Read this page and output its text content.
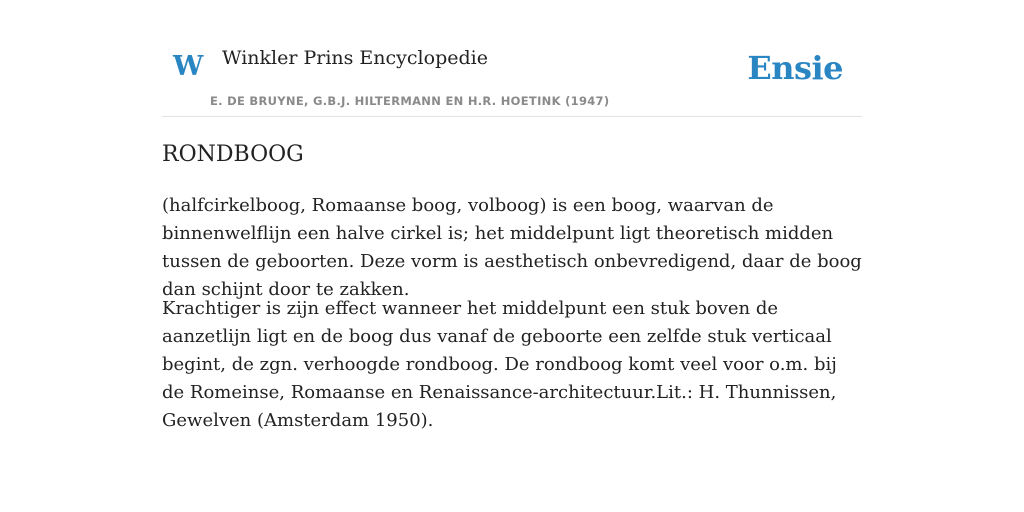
W Winkler Prins Encyclopedie	Ensie
E. DE BRUYNE, G.B.J. HILTERMANN EN H.R. HOETINK (1947)
RONDBOOG

(halfcirkelboog, Romaanse boog, volboog) is een boog, waarvan de binnenwelflijn een halve cirkel is; het middelpunt ligt theoretisch midden tussen de geboorten. Deze vorm is aesthetisch onbevredigend, daar de boog dan schijnt door te zakken.

Krachtiger is zijn effect wanneer het middelpunt een stuk boven de aanzetlijn ligt en de boog dus vanaf de geboorte een zelfde stuk verticaal begint, de zgn. verhoogde rondboog. De rondboog komt veel voor o.m. bij de Romeinse, Romaanse en Renaissance-architectuur.Lit.: H. Thunnissen, Gewelven (Amsterdam 1950).
